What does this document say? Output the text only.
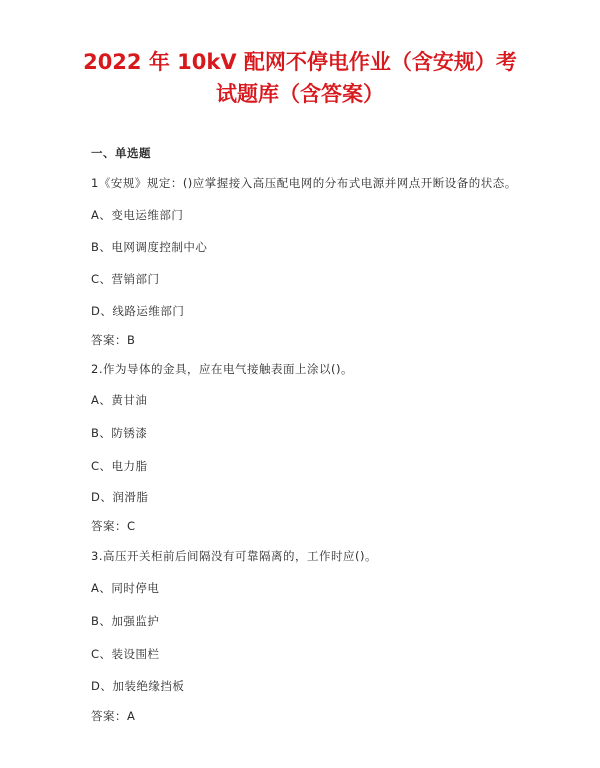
2022 年 10kV 配网不停电作业（含安规）考
试题库（含答案）
一、单选题
1《安规》规定：()应掌握接入高压配电网的分布式电源并网点开断设备的状态。
A、变电运维部门
B、电网调度控制中心
C、营销部门
D、线路运维部门
答案：B
2.作为导体的金具，应在电气接触表面上涂以()。
A、黄甘油
B、防锈漆
C、电力脂
D、润滑脂
答案：C
3.高压开关柜前后间隔没有可靠隔离的，工作时应()。
A、同时停电
B、加强监护
C、装设围栏
D、加装绝缘挡板
答案：A
